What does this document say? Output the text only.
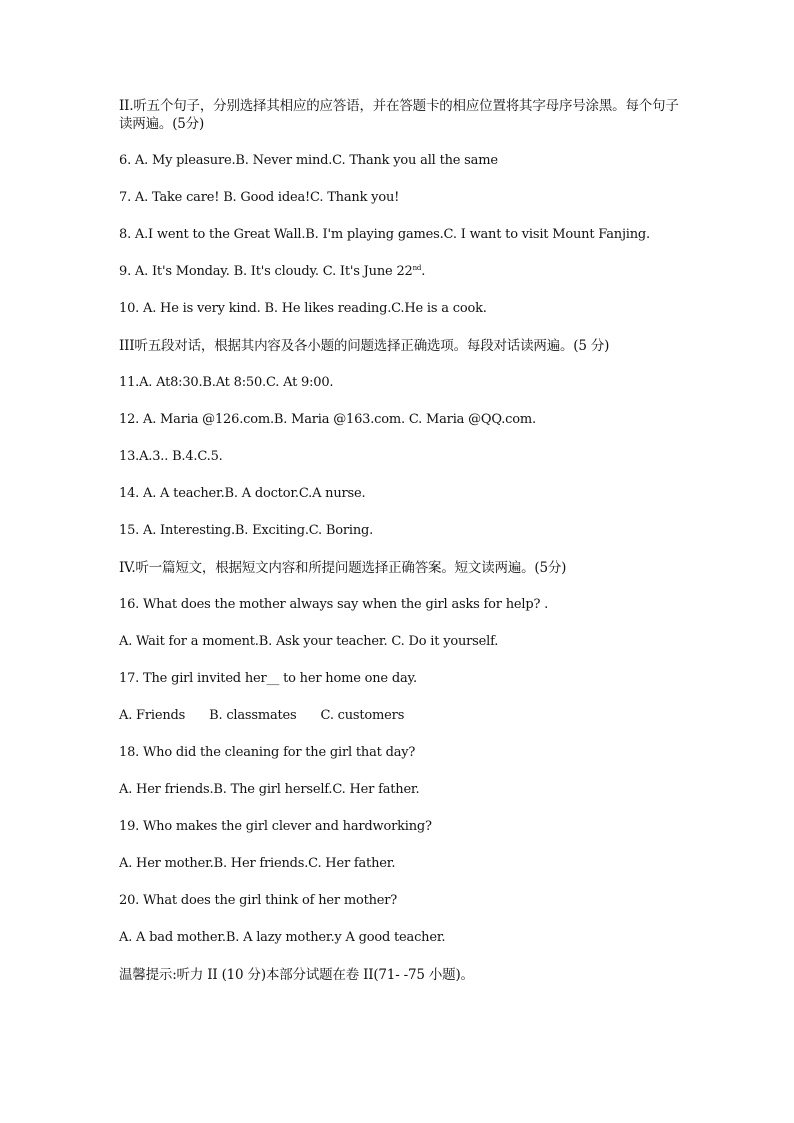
II.听五个句子，分别选择其相应的应答语，并在答题卡的相应位置将其字母序号涂黑。每个句子读两遍。(5分)

6. A. My pleasure.B. Never mind.C. Thank you all the same

7. A. Take care! B. Good idea!C. Thank you!

8. A.I went to the Great Wall.B. I'm playing games.C. I want to visit Mount Fanjing.

9. A. It's Monday. B. It's cloudy. C. It's June 22nd.

10. A. He is very kind. B. He likes reading.C.He is a cook.

III听五段对话，根据其内容及各小题的问题选择正确选项。每段对话读两遍。(5 分)

11.A. At8:30.B.At 8:50.C. At 9:00.

12. A. Maria @126.com.B. Maria @163.com. C. Maria @QQ.com.

13.A.3.. B.4.C.5.

14. A. A teacher.B. A doctor.C.A nurse.

15. A. Interesting.B. Exciting.C. Boring.

IV.听一篇短文，根据短文内容和所提问题选择正确答案。短文读两遍。(5分)

16. What does the mother always say when the girl asks for help? .

A. Wait for a moment.B. Ask your teacher. C. Do it yourself.

17. The girl invited her__ to her home one day.

A. Friends B. classmates C. customers

18. Who did the cleaning for the girl that day?

A. Her friends.B. The girl herself.C. Her father.

19. Who makes the girl clever and hardworking?

A. Her mother.B. Her friends.C. Her father.

20. What does the girl think of her mother?

A. A bad mother.B. A lazy mother.y A good teacher.

温馨提示:听力 II (10 分)本部分试题在卷 II(71- -75 小题)。
